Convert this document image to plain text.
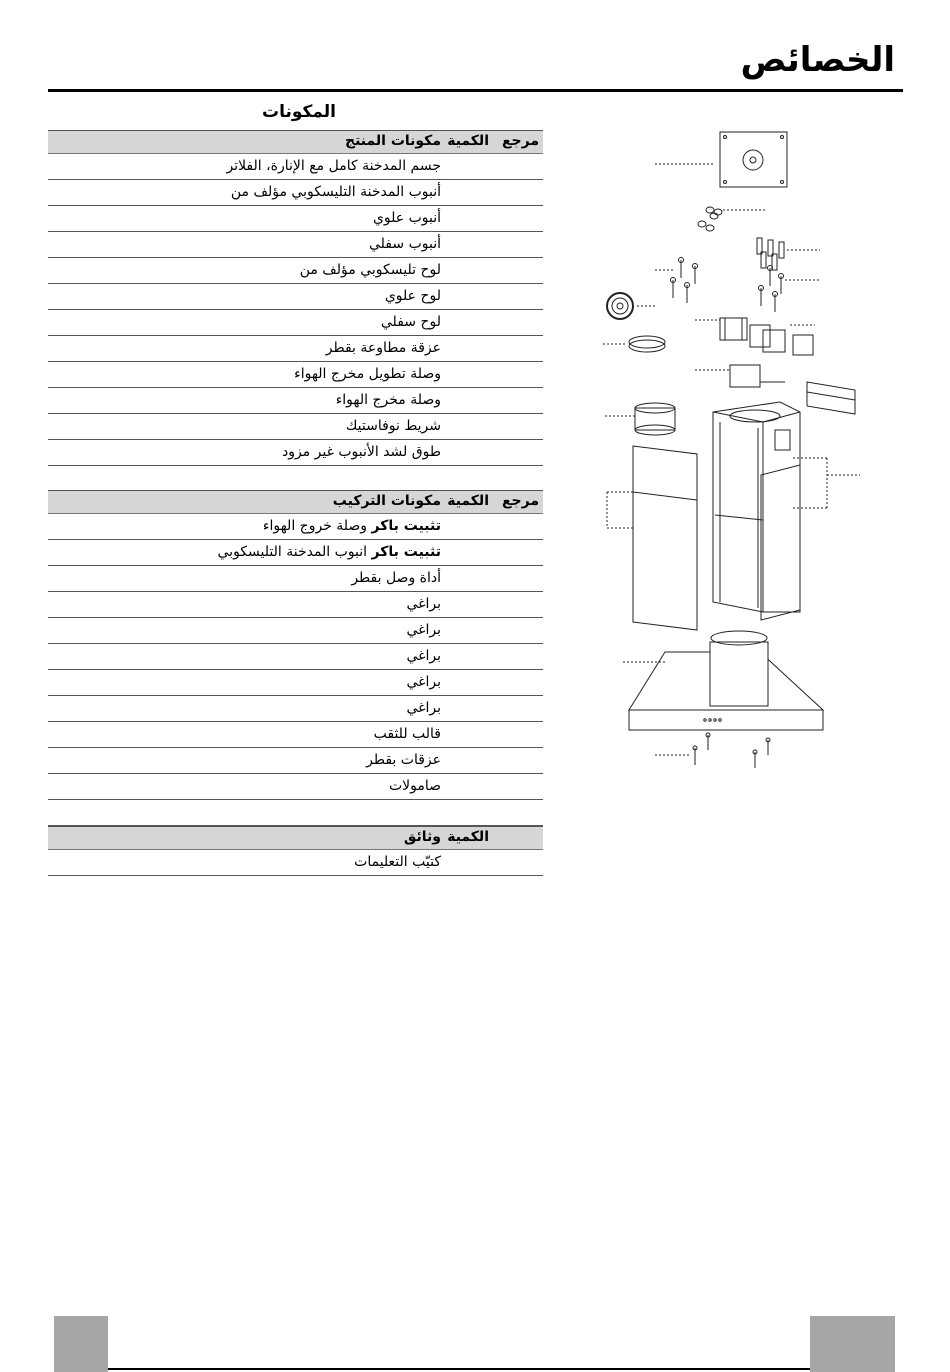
الخصائص
المكونات
مرجع
الكمية
مكونات المنتج
جسم المدخنة كامل مع الإنارة، الفلاتر
أنبوب المدخنة التليسكوبي مؤلف من
أنبوب علوي
أنبوب سفلي
لوح تليسكوبي مؤلف من
لوح علوي
لوح سفلي
عزقة مطاوعة بقطر
وصلة تطويل مخرج الهواء
وصلة مخرج الهواء
شريط نوفاستيك
طوق لشد الأنبوب غير مزود
مرجع
الكمية
مكونات التركيب
تثبيت باكر وصلة خروج الهواء
تثبيت باكر انبوب المدخنة التليسكوبي
أداة وصل بقطر
براغي
براغي
براغي
براغي
براغي
قالب للثقب
عزقات بقطر
صامولات
الكمية
وثائق
كتيّب التعليمات
